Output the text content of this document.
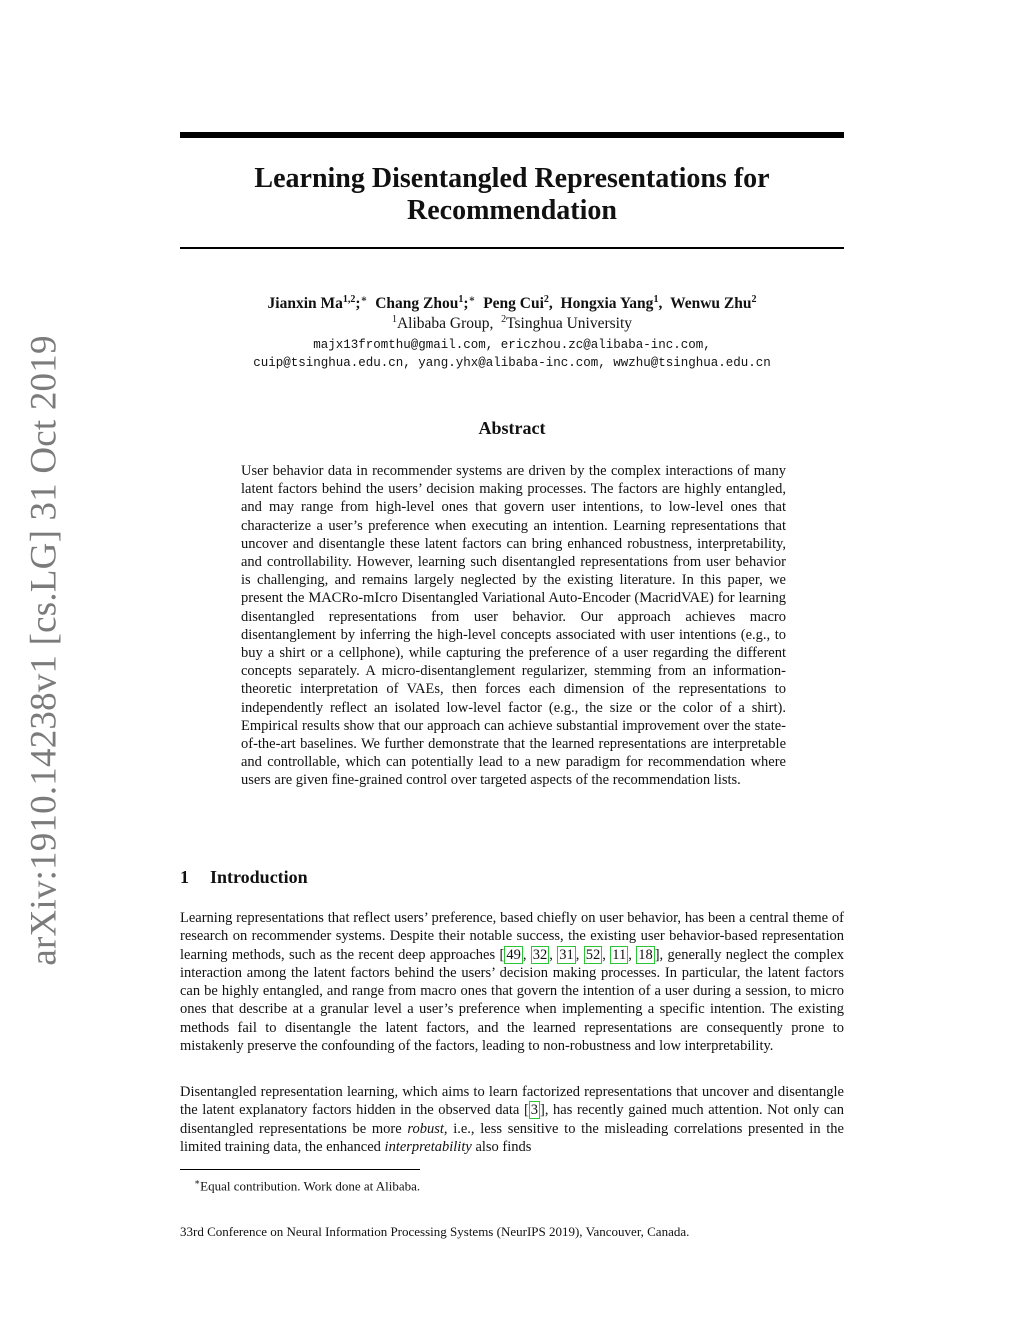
arXiv:1910.14238v1 [cs.LG] 31 Oct 2019
Learning Disentangled Representations for
Recommendation
Jianxin Ma$^{1,2}$;∗ Chang Zhou$^1$;∗ Peng Cui$^2$, Hongxia Yang$^1$, Wenwu Zhu$^2$
$^1$Alibaba Group, $^2$Tsinghua University
majx13fromthu@gmail.com, ericzhou.zc@alibaba-inc.com,
cuip@tsinghua.edu.cn, yang.yhx@alibaba-inc.com, wwzhu@tsinghua.edu.cn
Abstract

User behavior data in recommender systems are driven by the complex interactions of many latent factors behind the users’ decision making processes. The factors are highly entangled, and may range from high-level ones that govern user intentions, to low-level ones that characterize a user’s preference when executing an intention. Learning representations that uncover and disentangle these latent factors can bring enhanced robustness, interpretability, and controllability. However, learning such disentangled representations from user behavior is challenging, and remains largely neglected by the existing literature. In this paper, we present the MACRo-mIcro Disentangled Variational Auto-Encoder (MacridVAE) for learning disentangled representations from user behavior. Our approach achieves macro disentanglement by inferring the high-level concepts associated with user intentions (e.g., to buy a shirt or a cellphone), while capturing the preference of a user regarding the different concepts separately. A micro-disentanglement regularizer, stemming from an information-theoretic interpretation of VAEs, then forces each dimension of the representations to independently reflect an isolated low-level factor (e.g., the size or the color of a shirt). Empirical results show that our approach can achieve substantial improvement over the state-of-the-art baselines. We further demonstrate that the learned representations are interpretable and controllable, which can potentially lead to a new paradigm for recommendation where users are given fine-grained control over targeted aspects of the recommendation lists.

1 Introduction

Learning representations that reflect users’ preference, based chiefly on user behavior, has been a central theme of research on recommender systems. Despite their notable success, the existing user behavior-based representation learning methods, such as the recent deep approaches [ 49 , 32 , 31 , 52 , 11 , 18 ], generally neglect the complex interaction among the latent factors behind the users’ decision making processes. In particular, the latent factors can be highly entangled, and range from macro ones that govern the intention of a user during a session, to micro ones that describe at a granular level a user’s preference when implementing a specific intention. The existing methods fail to disentangle the latent factors, and the learned representations are consequently prone to mistakenly preserve the confounding of the factors, leading to non-robustness and low interpretability.

Disentangled representation learning, which aims to learn factorized representations that uncover and disentangle the latent explanatory factors hidden in the observed data [ 3 ], has recently gained much attention. Not only can disentangled representations be more robust, i.e., less sensitive to the misleading correlations presented in the limited training data, the enhanced interpretability also finds

∗Equal contribution. Work done at Alibaba.

33rd Conference on Neural Information Processing Systems (NeurIPS 2019), Vancouver, Canada.
